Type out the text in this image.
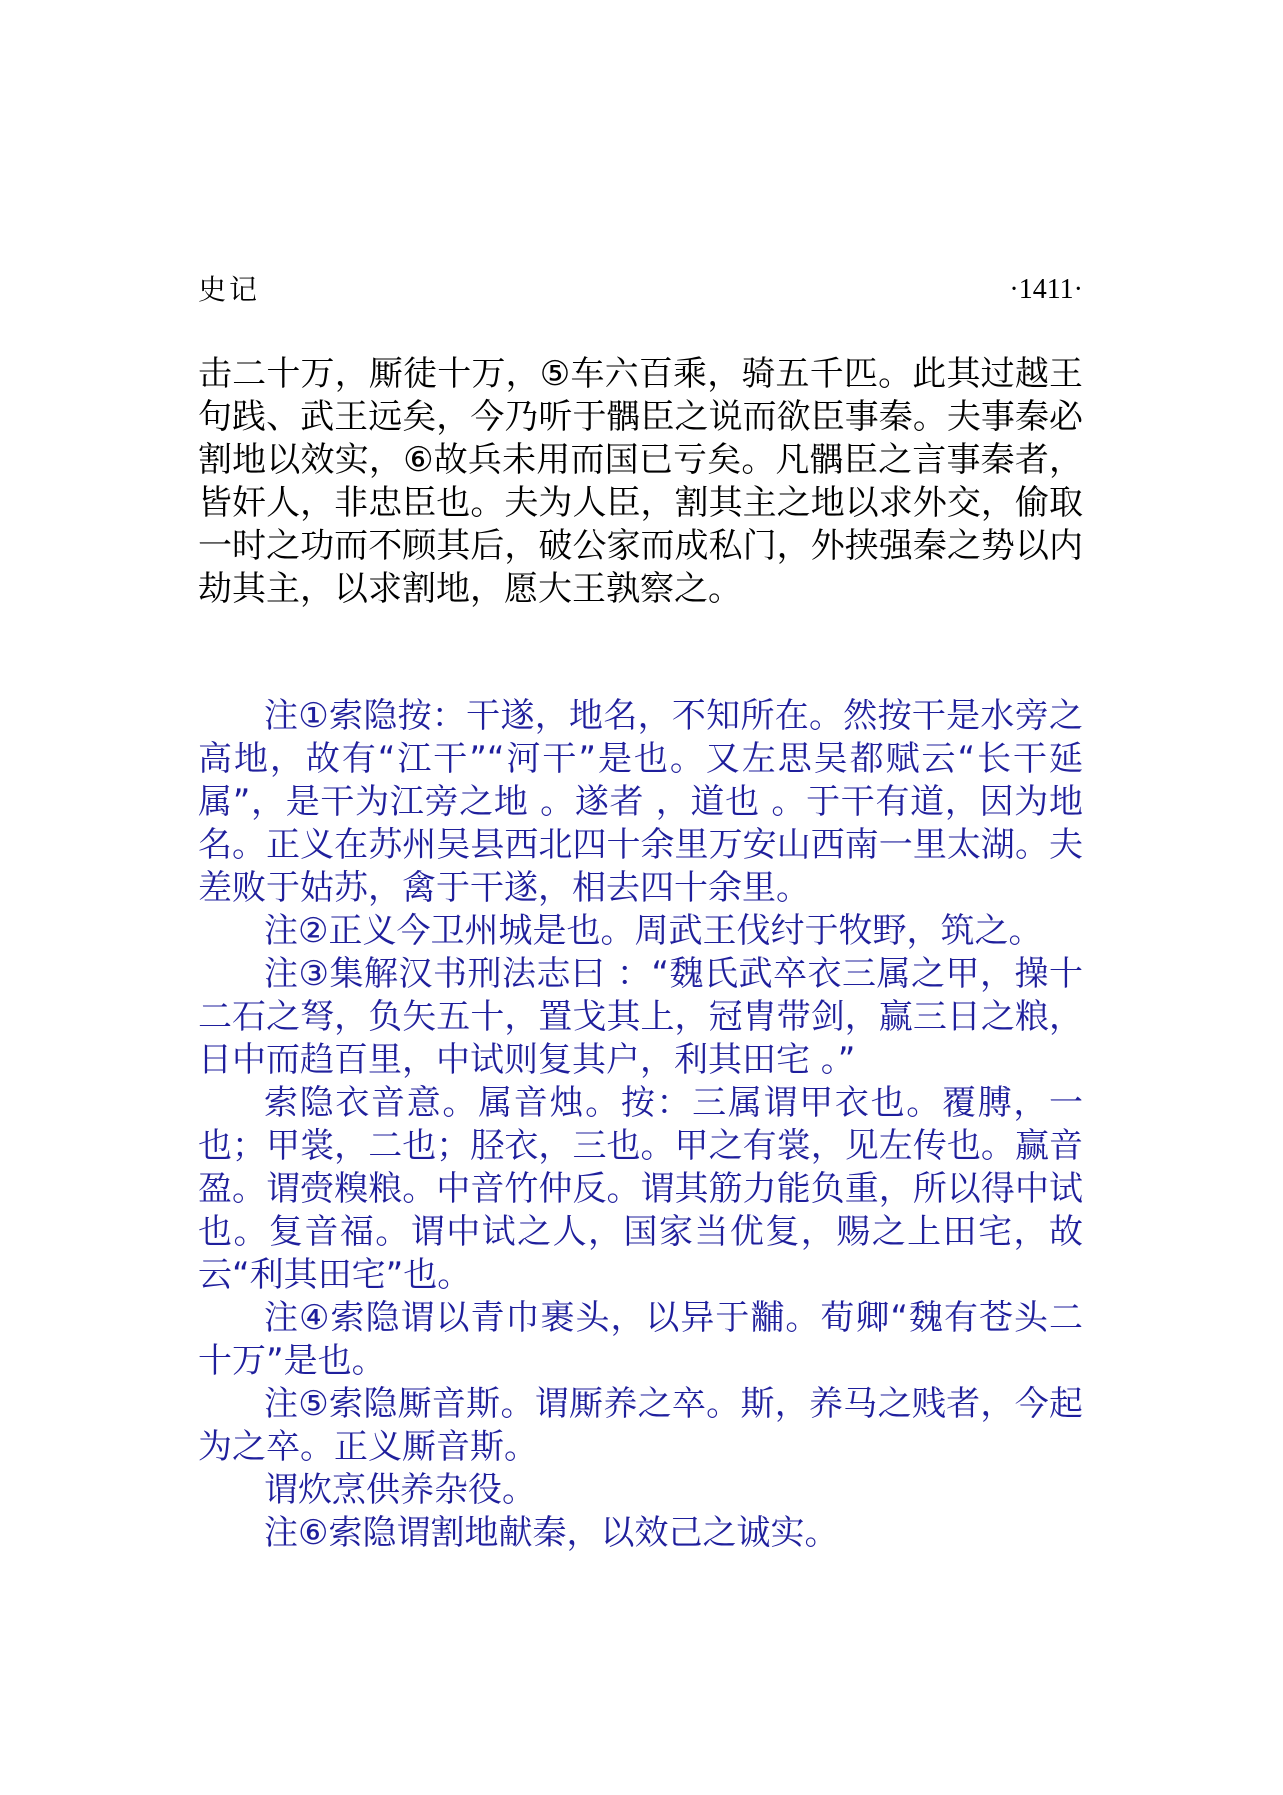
史记	·1411·

击二十万，厮徒十万，⑤车六百乘，骑五千匹。此其过越王句践、武王远矣，今乃听于髃臣之说而欲臣事秦。夫事秦必割地以效实，⑥故兵未用而国已亏矣。凡髃臣之言事秦者，皆奸人，非忠臣也。夫为人臣，割其主之地以求外交，偷取一时之功而不顾其后，破公家而成私门，外挟强秦之势以内劫其主，以求割地，愿大王孰察之。

注①索隐按：干遂，地名，不知所在。然按干是水旁之高地，故有“江干”“河干”是也。又左思吴都赋云“长干延属”，是干为江旁之地 。遂者 ，道也 。于干有道，因为地名。正义在苏州吴县西北四十余里万安山西南一里太湖。夫差败于姑苏，禽于干遂，相去四十余里。

注②正义今卫州城是也。周武王伐纣于牧野，筑之。

注③集解汉书刑法志曰 ：“魏氏武卒衣三属之甲，操十二石之弩，负矢五十，置戈其上，冠胄带剑，赢三日之粮，日中而趋百里，中试则复其户，利其田宅 。”

索隐衣音意。属音烛。按：三属谓甲衣也。覆膊，一也；甲裳，二也；胫衣，三也。甲之有裳，见左传也。赢音盈。谓赍糗粮。中音竹仲反。谓其筋力能负重，所以得中试也。复音福。谓中试之人，国家当优复，赐之上田宅，故云“利其田宅”也。

注④索隐谓以青巾裹头，以异于黼。荀卿“魏有苍头二十万”是也。

注⑤索隐厮音斯。谓厮养之卒。斯，养马之贱者，今起为之卒。正义厮音斯。

谓炊烹供养杂役。

注⑥索隐谓割地献秦，以效己之诚实。
